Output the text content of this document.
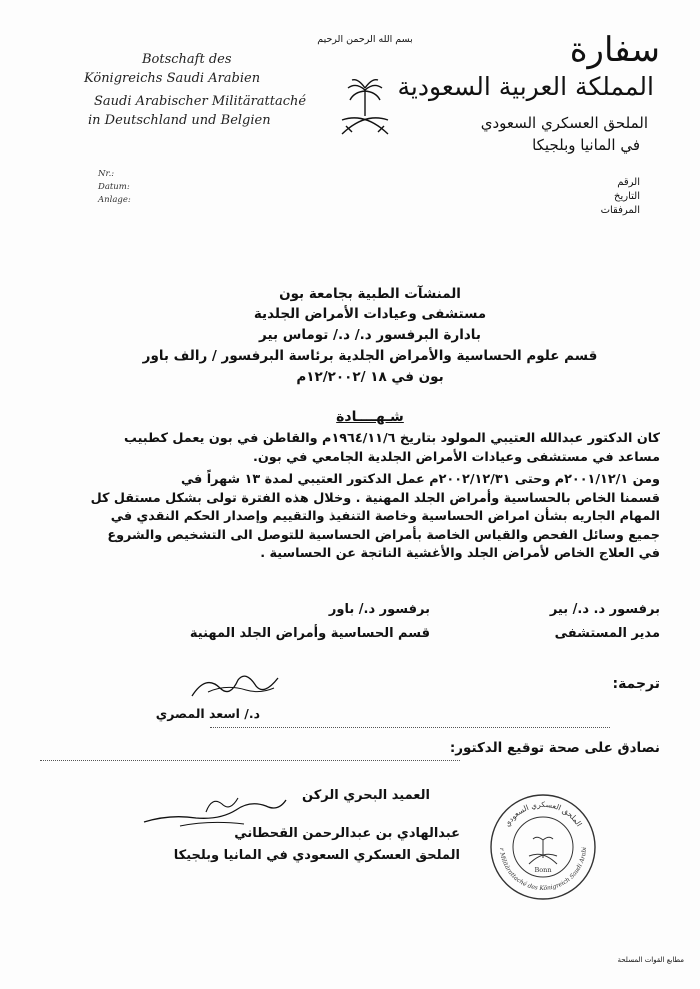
Botschaft des
Königreichs Saudi Arabien
Saudi Arabischer Militärattaché
in Deutschland und Belgien
Nr.:
Datum:
Anlage:
بسم الله الرحمن الرحيم	سفارة
المملكة العربية السعودية
الملحق العسكري السعودي
في المانيا وبلجيكا
الرقم
التاريخ
المرفقات
المنشآت الطبية بجامعة بون
مستشفى وعيادات الأمراض الجلدية
بادارة البرفسور د./ د./ توماس بير
قسم علوم الحساسية والأمراض الجلدية برئاسة البرفسور / رالف باور
بون في ١٨ /١٢/٢٠٠٢م
شـهــــادة
كان الدكتور عبدالله العتيبي المولود بتاريخ ١٩٦٤/١١/٦م والقاطن في بون يعمل كطبيب
مساعد في مستشفى وعيادات الأمراض الجلدية الجامعي في بون.
ومن ٢٠٠١/١٢/١م وحتى ٢٠٠٢/١٢/٣١م عمل الدكتور العتيبي لمدة ١٣ شهراً في
قسمنا الخاص بالحساسية وأمراض الجلد المهنية . وخلال هذه الفترة تولى بشكل مستقل كل
المهام الجاريه بشأن امراض الحساسية وخاصة التنفيذ والتقييم وإصدار الحكم النقدي في
جميع وسائل الفحص والقياس الخاصة بأمراض الحساسية للتوصل الى التشخيص والشروع
في العلاج الخاص لأمراض الجلد والأغشية الناتجة عن الحساسية .
برفسور د. د./ بير
مدير المستشفى
برفسور د./ باور
قسم الحساسية وأمراض الجلد المهنية
ترجمة:
د./ اسعد المصري
نصادق على صحة توقيع الدكتور:
العميد البحري الركن
عبدالهادي بن عبدالرحمن القحطاني
الملحق العسكري السعودي في المانيا وبلجيكا
الملحق العسكري السعودي
r Militärattaché des Königreich Saudi Arabi
Bonn
مطابع القوات المسلحة
